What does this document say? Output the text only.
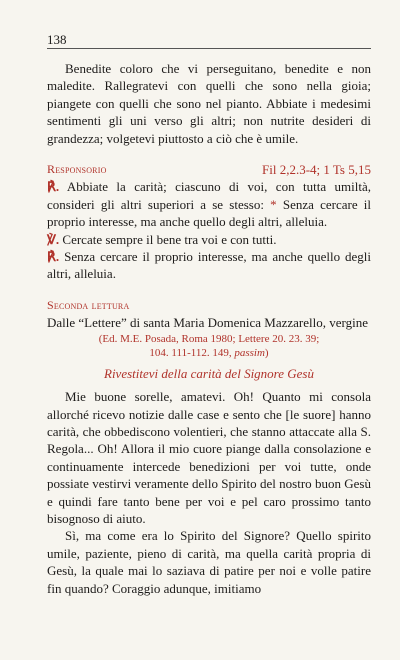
138

Benedite coloro che vi perseguitano, benedite e non maledite. Rallegratevi con quelli che sono nella gioia; piangete con quelli che sono nel pianto. Abbiate i medesimi sentimenti gli uni verso gli altri; non nutrite desideri di grandezza; volgetevi piuttosto a ciò che è umile.

Responsorio	Fil 2,2.3-4; 1 Ts 5,15

℟. Abbiate la carità; ciascuno di voi, con tutta umiltà, consideri gli altri superiori a se stesso: * Senza cercare il proprio interesse, ma anche quello degli altri, alleluia.

℣. Cercate sempre il bene tra voi e con tutti.

℟. Senza cercare il proprio interesse, ma anche quello degli altri, alleluia.

Seconda lettura

Dalle “Lettere” di santa Maria Domenica Mazzarello, vergine

(Ed. M.E. Posada, Roma 1980; Lettere 20. 23. 39;
104. 111-112. 149, passim)

Rivestitevi della carità del Signore Gesù

Mie buone sorelle, amatevi. Oh! Quanto mi consola allorché ricevo notizie dalle case e sento che [le suore] hanno carità, che obbediscono volentieri, che stanno attaccate alla S. Regola... Oh! Allora il mio cuore piange dalla consolazione e continuamente intercede benedizioni per voi tutte, onde possiate vestirvi veramente dello Spirito del nostro buon Gesù e quindi fare tanto bene per voi e pel caro prossimo tanto bisognoso di aiuto.

Sì, ma come era lo Spirito del Signore? Quello spirito umile, paziente, pieno di carità, ma quella carità propria di Gesù, la quale mai lo saziava di patire per noi e volle patire fin quando? Coraggio adunque, imitiamo
